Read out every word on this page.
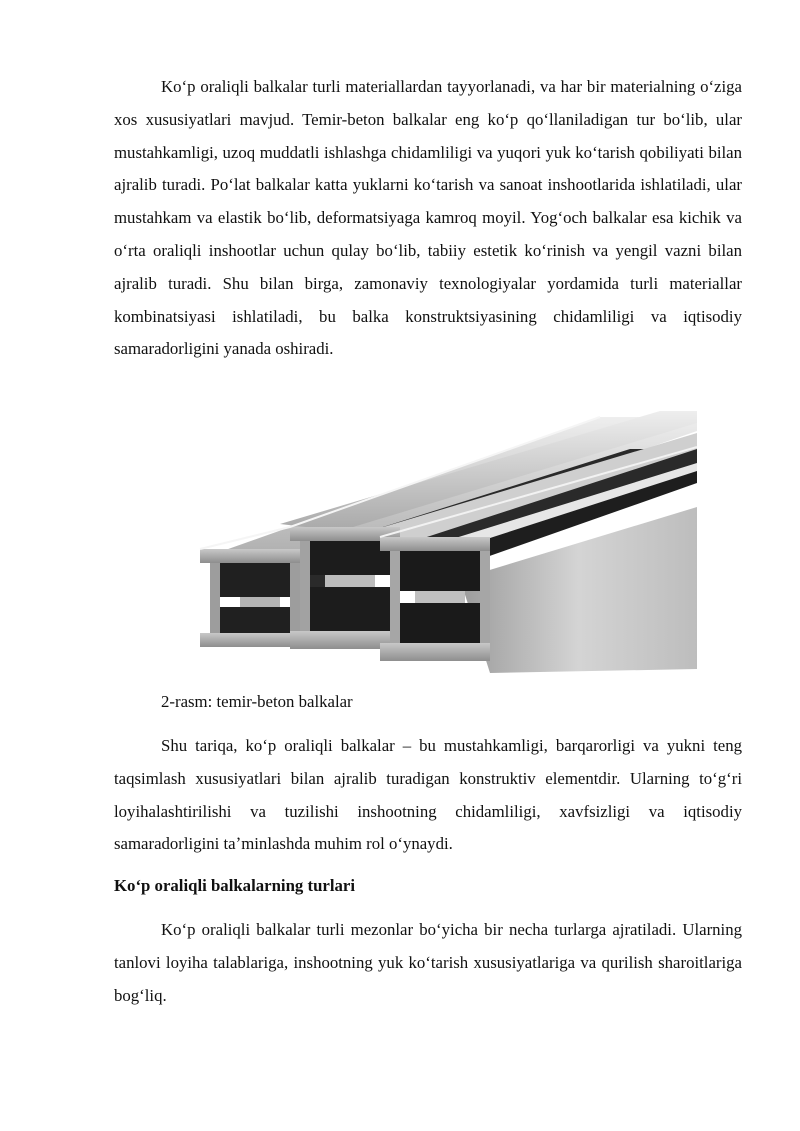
Koʻp oraliqli balkalar turli materiallardan tayyorlanadi, va har bir materialning oʻziga xos xususiyatlari mavjud. Temir-beton balkalar eng koʻp qoʻllaniladigan tur boʻlib, ular mustahkamligi, uzoq muddatli ishlashga chidamliligi va yuqori yuk koʻtarish qobiliyati bilan ajralib turadi. Poʻlat balkalar katta yuklarni koʻtarish va sanoat inshootlarida ishlatiladi, ular mustahkam va elastik boʻlib, deformatsiyaga kamroq moyil. Yogʻoch balkalar esa kichik va oʻrta oraliqli inshootlar uchun qulay boʻlib, tabiiy estetik koʻrinish va yengil vazni bilan ajralib turadi. Shu bilan birga, zamonaviy texnologiyalar yordamida turli materiallar kombinatsiyasi ishlatiladi, bu balka konstruktsiyasining chidamliligi va iqtisodiy samaradorligini yanada oshiradi.

2-rasm: temir-beton balkalar

Shu tariqa, koʻp oraliqli balkalar – bu mustahkamligi, barqarorligi va yukni teng taqsimlash xususiyatlari bilan ajralib turadigan konstruktiv elementdir. Ularning toʻgʻri loyihalashtirilishi va tuzilishi inshootning chidamliligi, xavfsizligi va iqtisodiy samaradorligini taʼminlashda muhim rol oʻynaydi.

Koʻp oraliqli balkalarning turlari

Koʻp oraliqli balkalar turli mezonlar boʻyicha bir necha turlarga ajratiladi. Ularning tanlovi loyiha talablariga, inshootning yuk koʻtarish xususiyatlariga va qurilish sharoitlariga bogʻliq.
